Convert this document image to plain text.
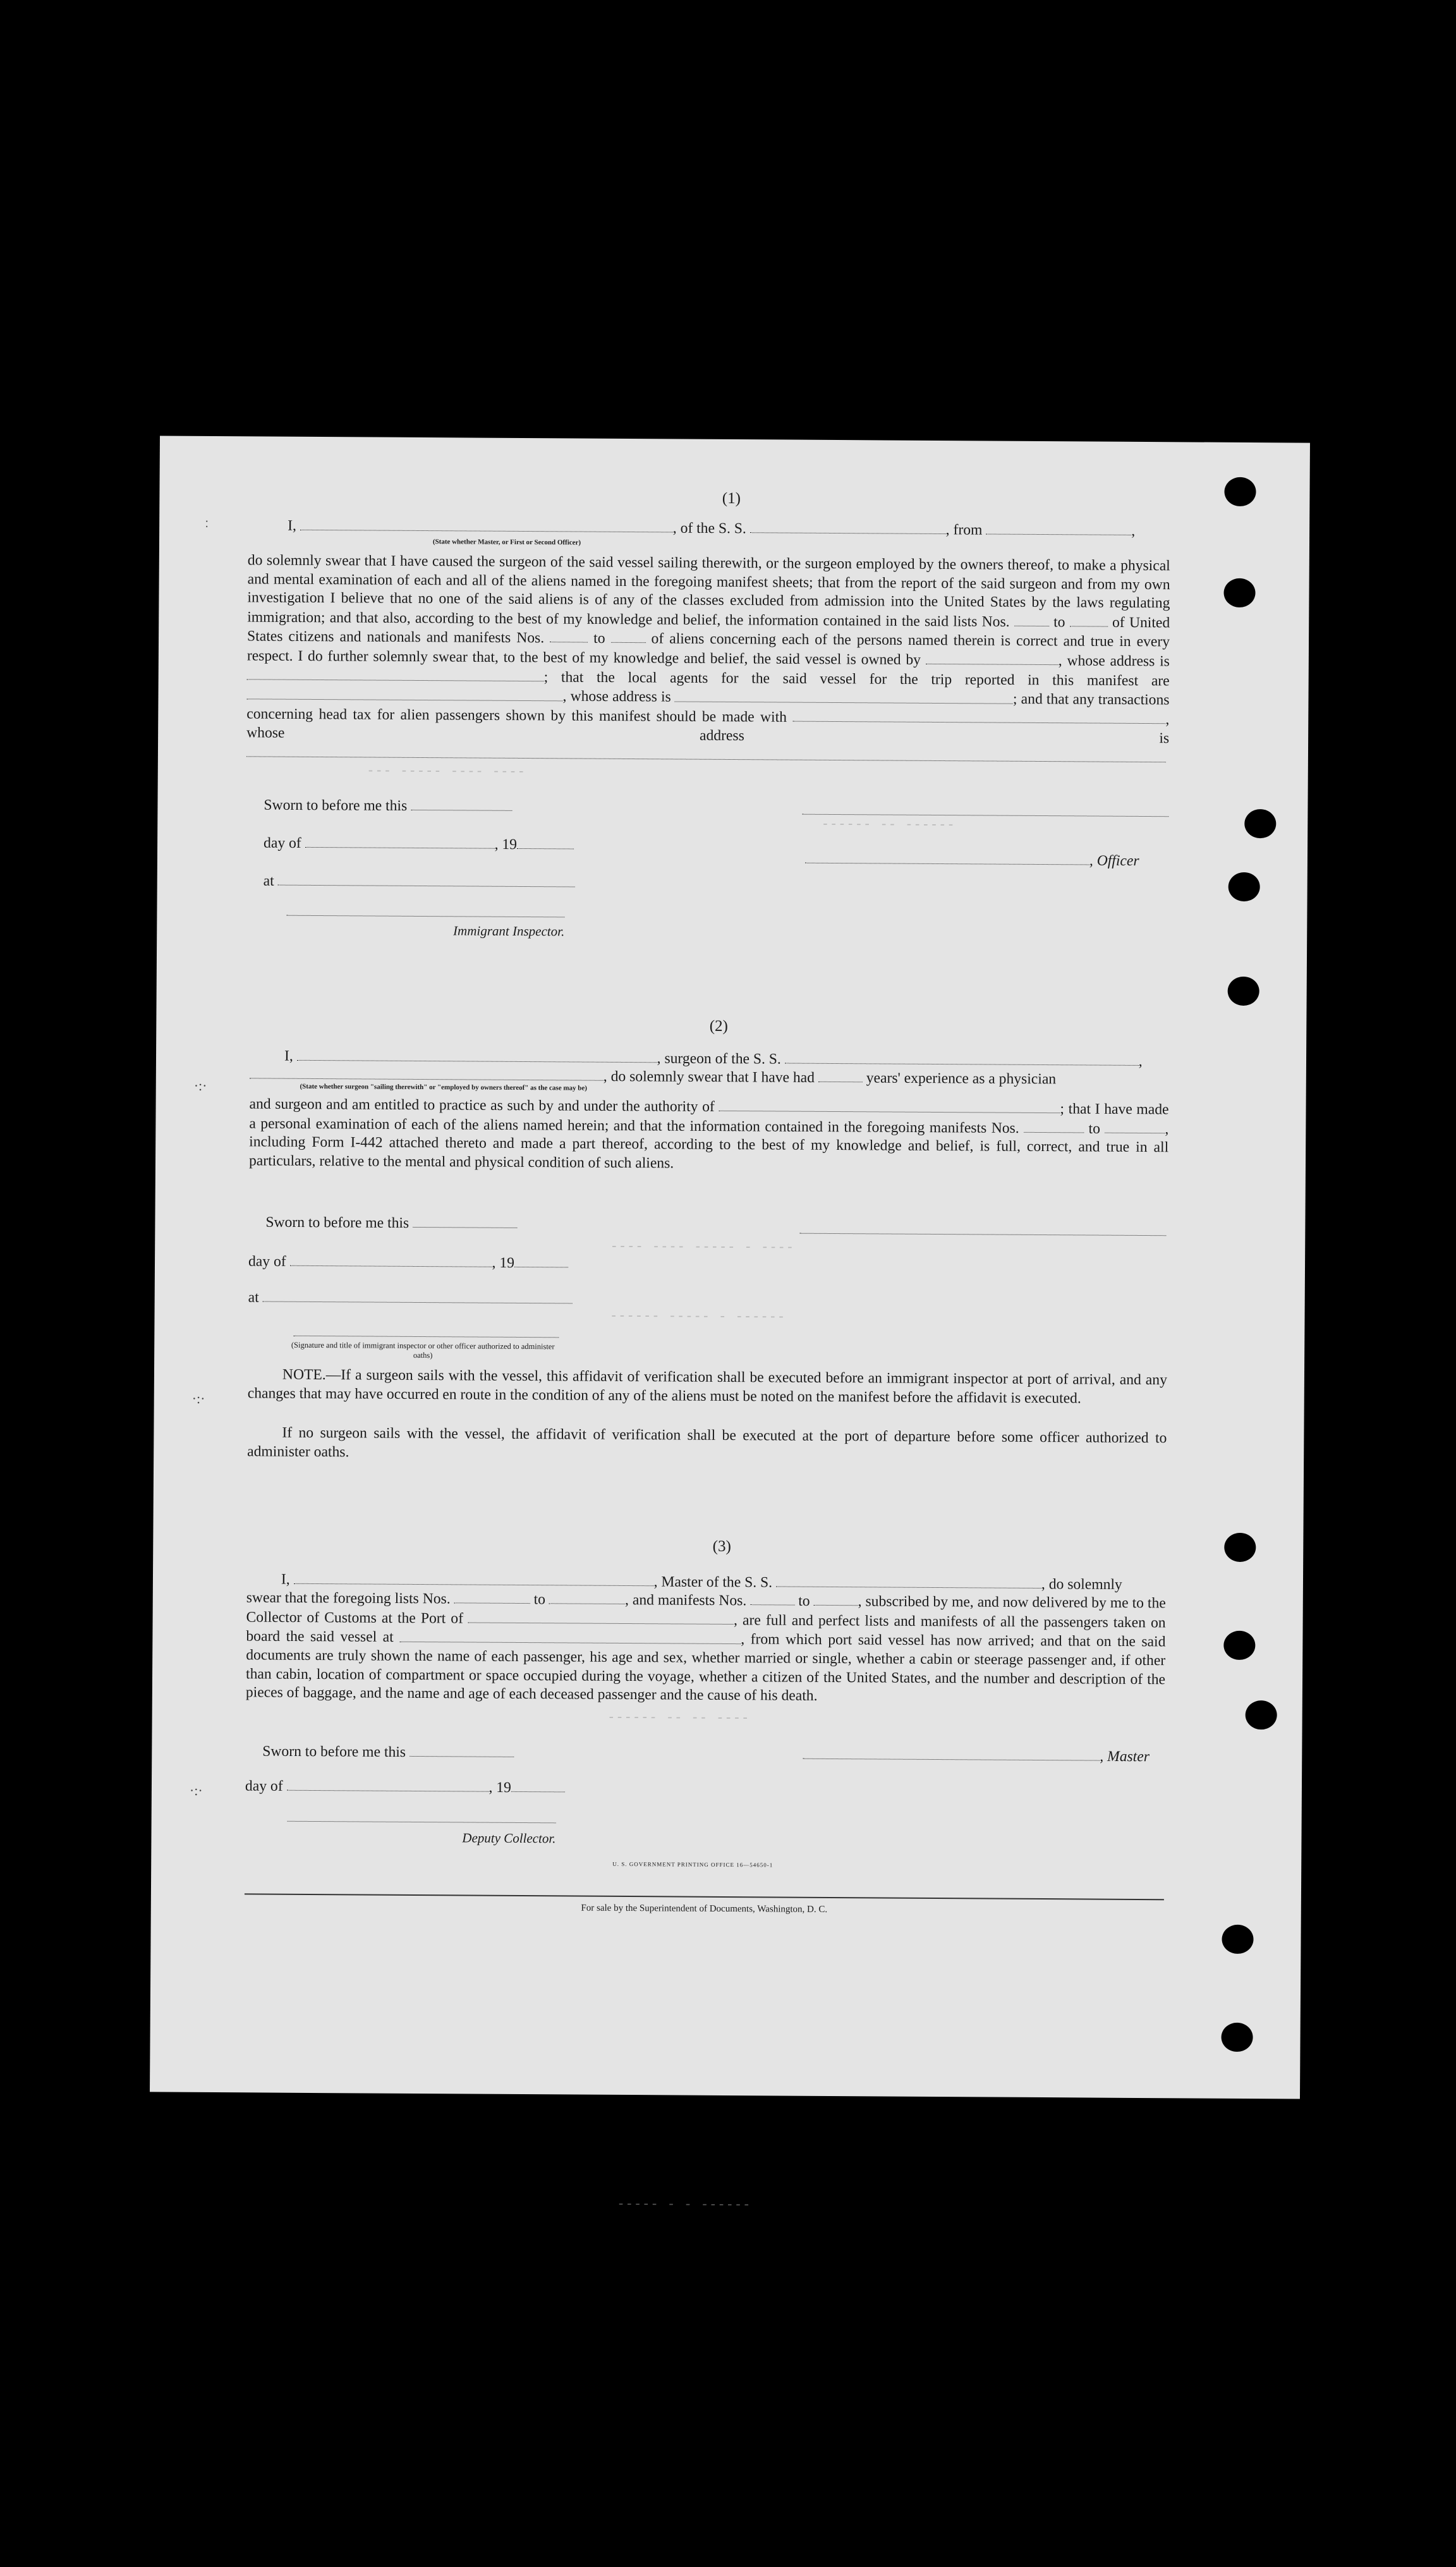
--- ----- ---- ----
------ -- ------
---- ---- ----- - ----
------ ----- - ------
------ -- -- ----
----- - - ------
ː
·:·
·:·
·:·
(1)
I,	, of the S. S.	, from	,
(State whether Master, or First or Second Officer)
do solemnly swear that I have caused the surgeon of the said vessel sailing therewith, or the surgeon employed by the owners thereof, to make a physical and mental examination of each and all of the aliens named in the foregoing manifest sheets; that from the report of the said surgeon and from my own investigation I believe that no one of the said aliens is of any of the classes excluded from admission into the United States by the laws regulating immigration; and that also, according to the best of my knowledge and belief, the information contained in the said lists Nos.	to	of United States citizens and nationals and manifests Nos.	to	of aliens concerning each of the persons named therein is correct and true in every respect. I do further solemnly swear that, to the best of my knowledge and belief, the said vessel is owned by	, whose address is ; that the local agents for the said vessel for the trip reported in this manifest are , whose address is	; and that any transactions concerning head tax for alien passengers shown by this manifest should be made with	, whose address is
Sworn to before me this
day of	, 19
, Officer
at
Immigrant Inspector.
(2)
I,	, surgeon of the S. S.	,
, do solemnly swear that I have had	years' experience as a physician
(State whether surgeon "sailing therewith" or "employed by owners thereof" as the case may be)
and surgeon and am entitled to practice as such by and under the authority of	; that I have made a personal examination of each of the aliens named herein; and that the information contained in the foregoing manifests Nos.	to	, including Form I-442 attached thereto and made a part thereof, according to the best of my knowledge and belief, is full, correct, and true in all particulars, relative to the mental and physical condition of such aliens.
Sworn to before me this
day of	, 19
at
(Signature and title of immigrant inspector or other officer authorized to administer oaths)
NOTE.—If a surgeon sails with the vessel, this affidavit of verification shall be executed before an immigrant inspector at port of arrival, and any changes that may have occurred en route in the condition of any of the aliens must be noted on the manifest before the affidavit is executed.
If no surgeon sails with the vessel, the affidavit of verification shall be executed at the port of departure before some officer authorized to administer oaths.
(3)
I,	, Master of the S. S.	, do solemnly
swear that the foregoing lists Nos.	to	, and manifests Nos.	to	, subscribed by me, and now delivered by me to the Collector of Customs at the Port of	, are full and perfect lists and manifests of all the passengers taken on board the said vessel at	, from which port said vessel has now arrived; and that on the said documents are truly shown the name of each passenger, his age and sex, whether married or single, whether a cabin or steerage passenger and, if other than cabin, location of compartment or space occupied during the voyage, whether a citizen of the United States, and the number and description of the pieces of baggage, and the name and age of each deceased passenger and the cause of his death.
Sworn to before me this	, Master
day of	, 19
Deputy Collector.
U. S. GOVERNMENT PRINTING OFFICE 16—54650-1
For sale by the Superintendent of Documents, Washington, D. C.
